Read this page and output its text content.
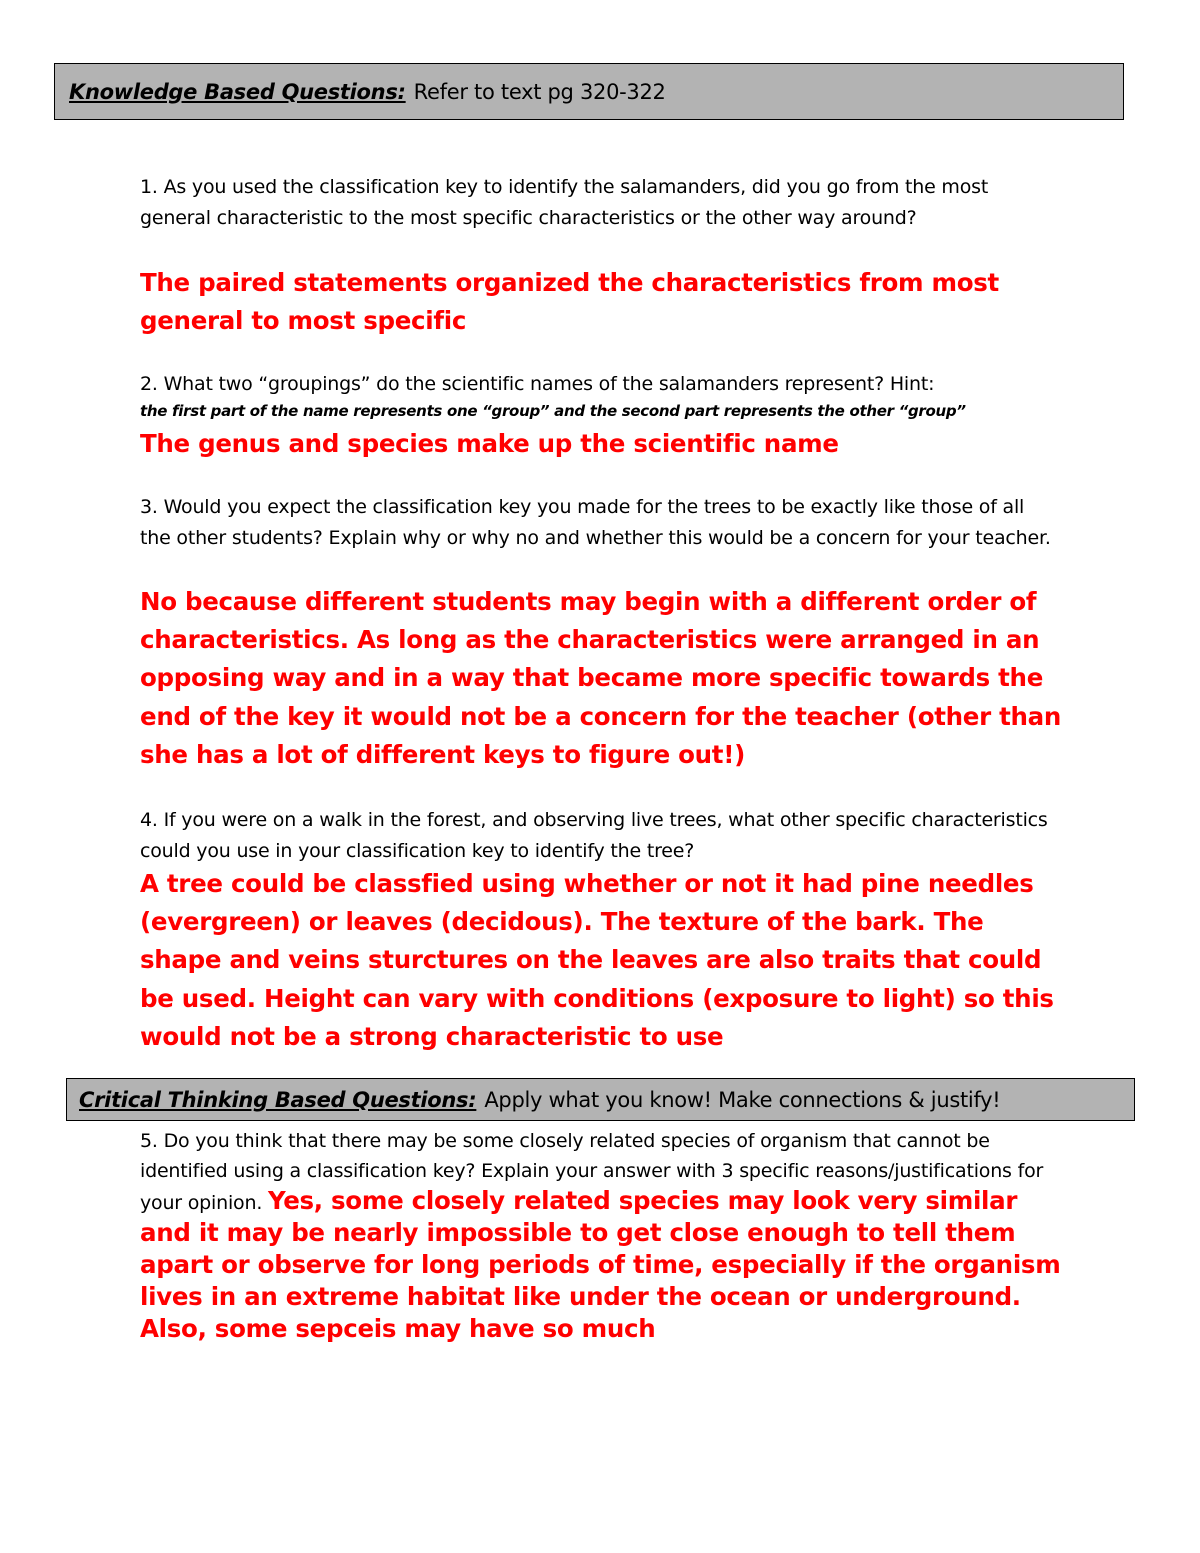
Knowledge Based Questions: Refer to text pg 320-322

1. As you used the classification key to identify the salamanders, did you go from the most general characteristic to the most specific characteristics or the other way around?

The paired statements organized the characteristics from most general to most specific

2. What two “groupings” do the scientific names of the salamanders represent? Hint:
the first part of the name represents one “group” and the second part represents the other “group”

The genus and species make up the scientific name

3. Would you expect the classification key you made for the trees to be exactly like those of all the other students? Explain why or why no and whether this would be a concern for your teacher.

No because different students may begin with a different order of characteristics. As long as the characteristics were arranged in an opposing way and in a way that became more specific towards the end of the key it would not be a concern for the teacher (other than she has a lot of different keys to figure out!)

4. If you were on a walk in the forest, and observing live trees, what other specific characteristics could you use in your classification key to identify the tree?

A tree could be classfied using whether or not it had pine needles (evergreen) or leaves (decidous). The texture of the bark. The shape and veins sturctures on the leaves are also traits that could be used. Height can vary with conditions (exposure to light) so this would not be a strong characteristic to use

Critical Thinking Based Questions: Apply what you know! Make connections & justify!

5. Do you think that there may be some closely related species of organism that cannot be identified using a classification key? Explain your answer with 3 specific reasons/justifications for your opinion. Yes, some closely related species may look very similar and it may be nearly impossible to get close enough to tell them apart or observe for long periods of time, especially if the organism lives in an extreme habitat like under the ocean or underground. Also, some sepceis may have so much
